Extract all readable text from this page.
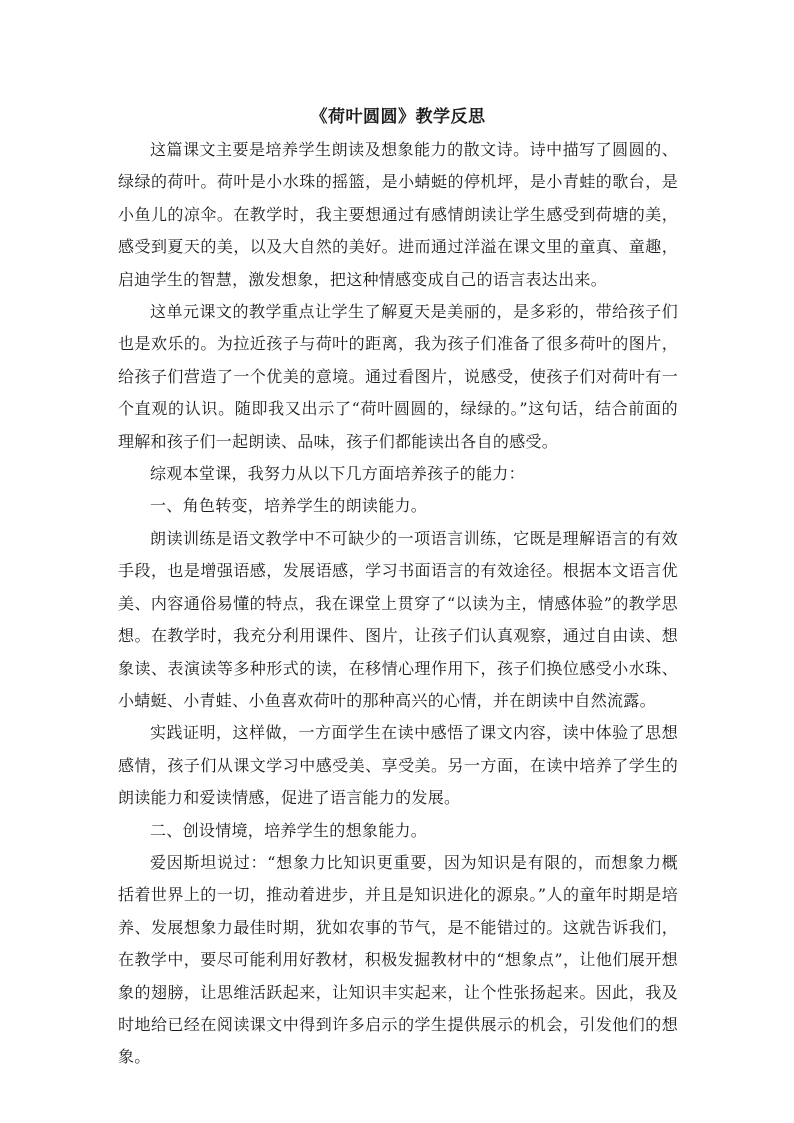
《荷叶圆圆》教学反思

这篇课文主要是培养学生朗读及想象能力的散文诗。诗中描写了圆圆的、绿绿的荷叶。荷叶是小水珠的摇篮，是小蜻蜓的停机坪，是小青蛙的歌台，是小鱼儿的凉伞。在教学时，我主要想通过有感情朗读让学生感受到荷塘的美，感受到夏天的美，以及大自然的美好。进而通过洋溢在课文里的童真、童趣，启迪学生的智慧，激发想象，把这种情感变成自己的语言表达出来。

这单元课文的教学重点让学生了解夏天是美丽的，是多彩的，带给孩子们也是欢乐的。为拉近孩子与荷叶的距离，我为孩子们准备了很多荷叶的图片，给孩子们营造了一个优美的意境。通过看图片，说感受，使孩子们对荷叶有一个直观的认识。随即我又出示了“荷叶圆圆的，绿绿的。”这句话，结合前面的理解和孩子们一起朗读、品味，孩子们都能读出各自的感受。

综观本堂课，我努力从以下几方面培养孩子的能力：

一、角色转变，培养学生的朗读能力。

朗读训练是语文教学中不可缺少的一项语言训练，它既是理解语言的有效手段，也是增强语感，发展语感，学习书面语言的有效途径。根据本文语言优美、内容通俗易懂的特点，我在课堂上贯穿了“以读为主，情感体验”的教学思想。在教学时，我充分利用课件、图片，让孩子们认真观察，通过自由读、想象读、表演读等多种形式的读，在移情心理作用下，孩子们换位感受小水珠、小蜻蜓、小青蛙、小鱼喜欢荷叶的那种高兴的心情，并在朗读中自然流露。

实践证明，这样做，一方面学生在读中感悟了课文内容，读中体验了思想感情，孩子们从课文学习中感受美、享受美。另一方面，在读中培养了学生的朗读能力和爱读情感，促进了语言能力的发展。

二、创设情境，培养学生的想象能力。

爱因斯坦说过：“想象力比知识更重要，因为知识是有限的，而想象力概括着世界上的一切，推动着进步，并且是知识进化的源泉。”人的童年时期是培养、发展想象力最佳时期，犹如农事的节气，是不能错过的。这就告诉我们，在教学中，要尽可能利用好教材，积极发掘教材中的“想象点”，让他们展开想象的翅膀，让思维活跃起来，让知识丰实起来，让个性张扬起来。因此，我及时地给已经在阅读课文中得到许多启示的学生提供展示的机会，引发他们的想象。
